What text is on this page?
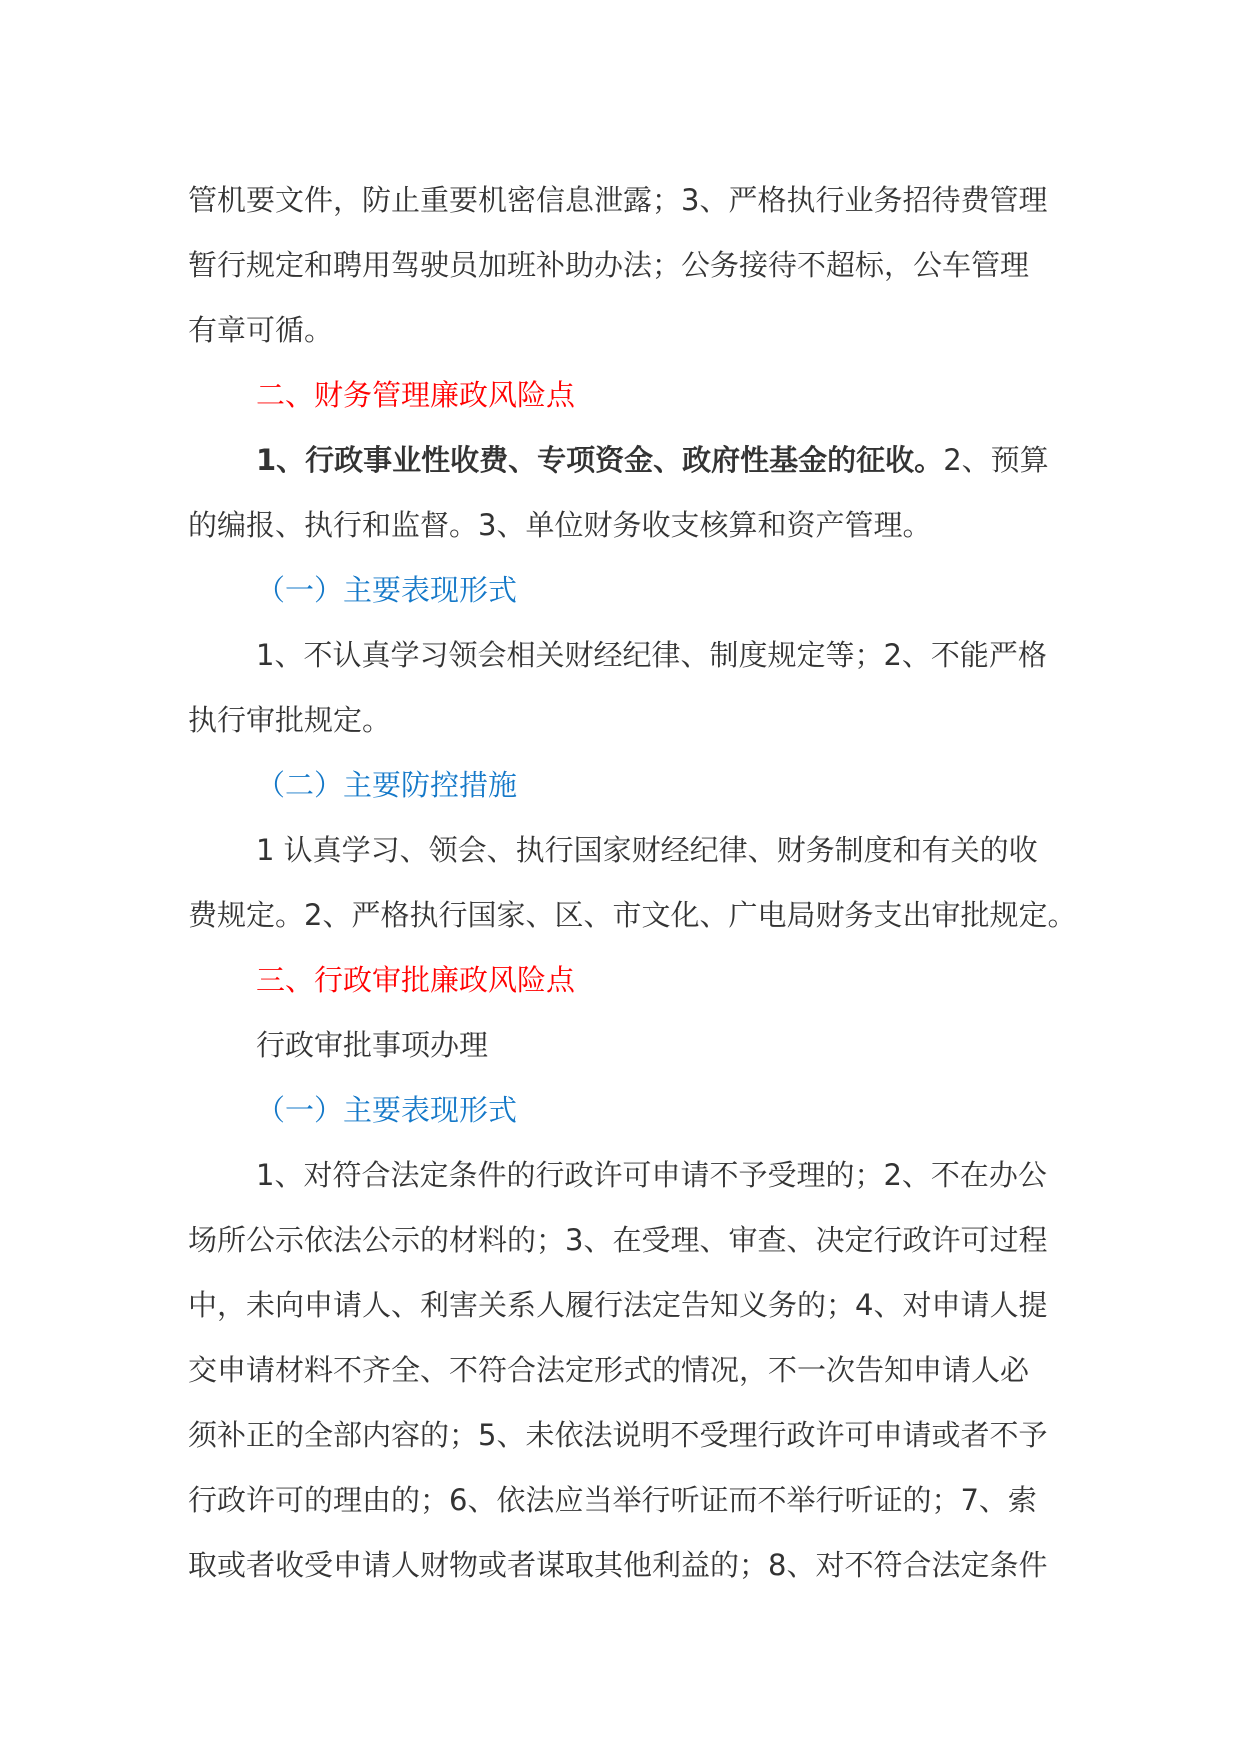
管机要文件，防止重要机密信息泄露；3、严格执行业务招待费管理

暂行规定和聘用驾驶员加班补助办法；公务接待不超标，公车管理

有章可循。

二、财务管理廉政风险点

1、行政事业性收费、专项资金、政府性基金的征收。2、预算

的编报、执行和监督。3、单位财务收支核算和资产管理。

（一）主要表现形式

1、不认真学习领会相关财经纪律、制度规定等；2、不能严格

执行审批规定。

（二）主要防控措施

1 认真学习、领会、执行国家财经纪律、财务制度和有关的收

费规定。2、严格执行国家、区、市文化、广电局财务支出审批规定。

三、行政审批廉政风险点

行政审批事项办理

（一）主要表现形式

1、对符合法定条件的行政许可申请不予受理的；2、不在办公

场所公示依法公示的材料的；3、在受理、审查、决定行政许可过程

中，未向申请人、利害关系人履行法定告知义务的；4、对申请人提

交申请材料不齐全、不符合法定形式的情况，不一次告知申请人必

须补正的全部内容的；5、未依法说明不受理行政许可申请或者不予

行政许可的理由的；6、依法应当举行听证而不举行听证的；7、索

取或者收受申请人财物或者谋取其他利益的；8、对不符合法定条件
